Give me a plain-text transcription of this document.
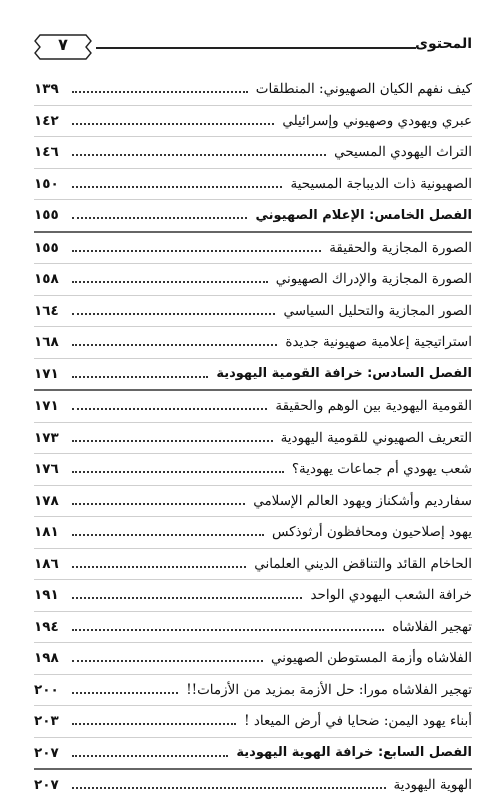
المحتوى
٧
كيف نفهم الكيان الصهيوني: المنطلقات
١٣٩
عبري ويهودي وصهيوني وإسرائيلي
١٤٢
التراث اليهودي المسيحي
١٤٦
الصهيونية ذات الديباجة المسيحية
١٥٠
الفصل الخامس: الإعلام الصهيوني
١٥٥
الصورة المجازية والحقيقة
١٥٥
الصورة المجازية والإدراك الصهيوني
١٥٨
الصور المجازية والتحليل السياسي
١٦٤
استراتيجية إعلامية صهيونية جديدة
١٦٨
الفصل السادس: خرافة القومية اليهودية
١٧١
القومية اليهودية بين الوهم والحقيقة
١٧١
التعريف الصهيوني للقومية اليهودية
١٧٣
شعب يهودي أم جماعات يهودية؟
١٧٦
سفارديم وأشكناز ويهود العالم الإسلامي
١٧٨
يهود إصلاحيون ومحافظون أرثوذكس
١٨١
الحاخام القائد والتناقض الديني العلماني
١٨٦
خرافة الشعب اليهودي الواحد
١٩١
تهجير الفلاشاه
١٩٤
الفلاشاه وأزمة المستوطن الصهيوني
١٩٨
تهجير الفلاشاه مورا: حل الأزمة بمزيد من الأزمات!!
٢٠٠
أبناء يهود اليمن: ضحايا في أرض الميعاد !
٢٠٣
الفصل السابع: خرافة الهوية اليهودية
٢٠٧
الهوية اليهودية
٢٠٧
